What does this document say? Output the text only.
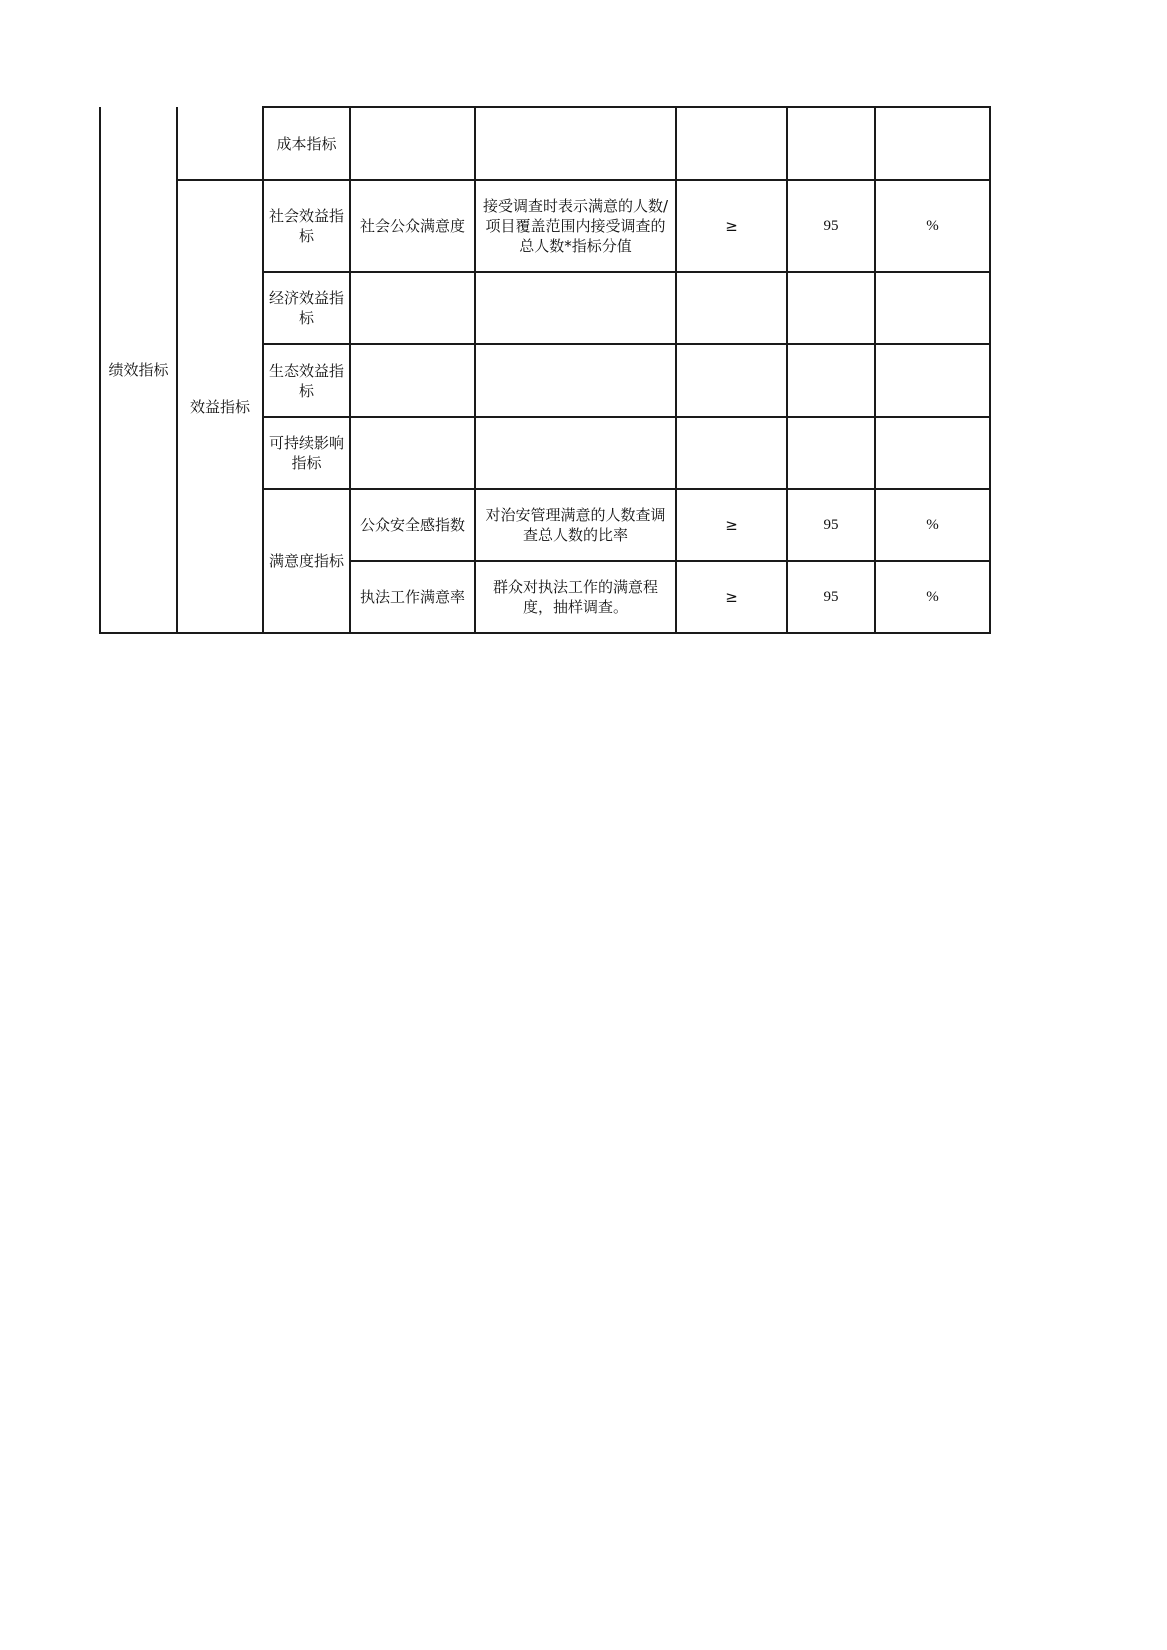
绩效指标		成本指标					
	效益指标	社会效益指标	社会公众满意度	接受调查时表示满意的人数/项目覆盖范围内接受调查的总人数*指标分值	≥	95	%
		经济效益指标					
		生态效益指标					
		可持续影响指标					
		满意度指标	公众安全感指数	对治安管理满意的人数查调查总人数的比率	≥	95	%
			执法工作满意率	群众对执法工作的满意程度，抽样调查。	≥	95	%
